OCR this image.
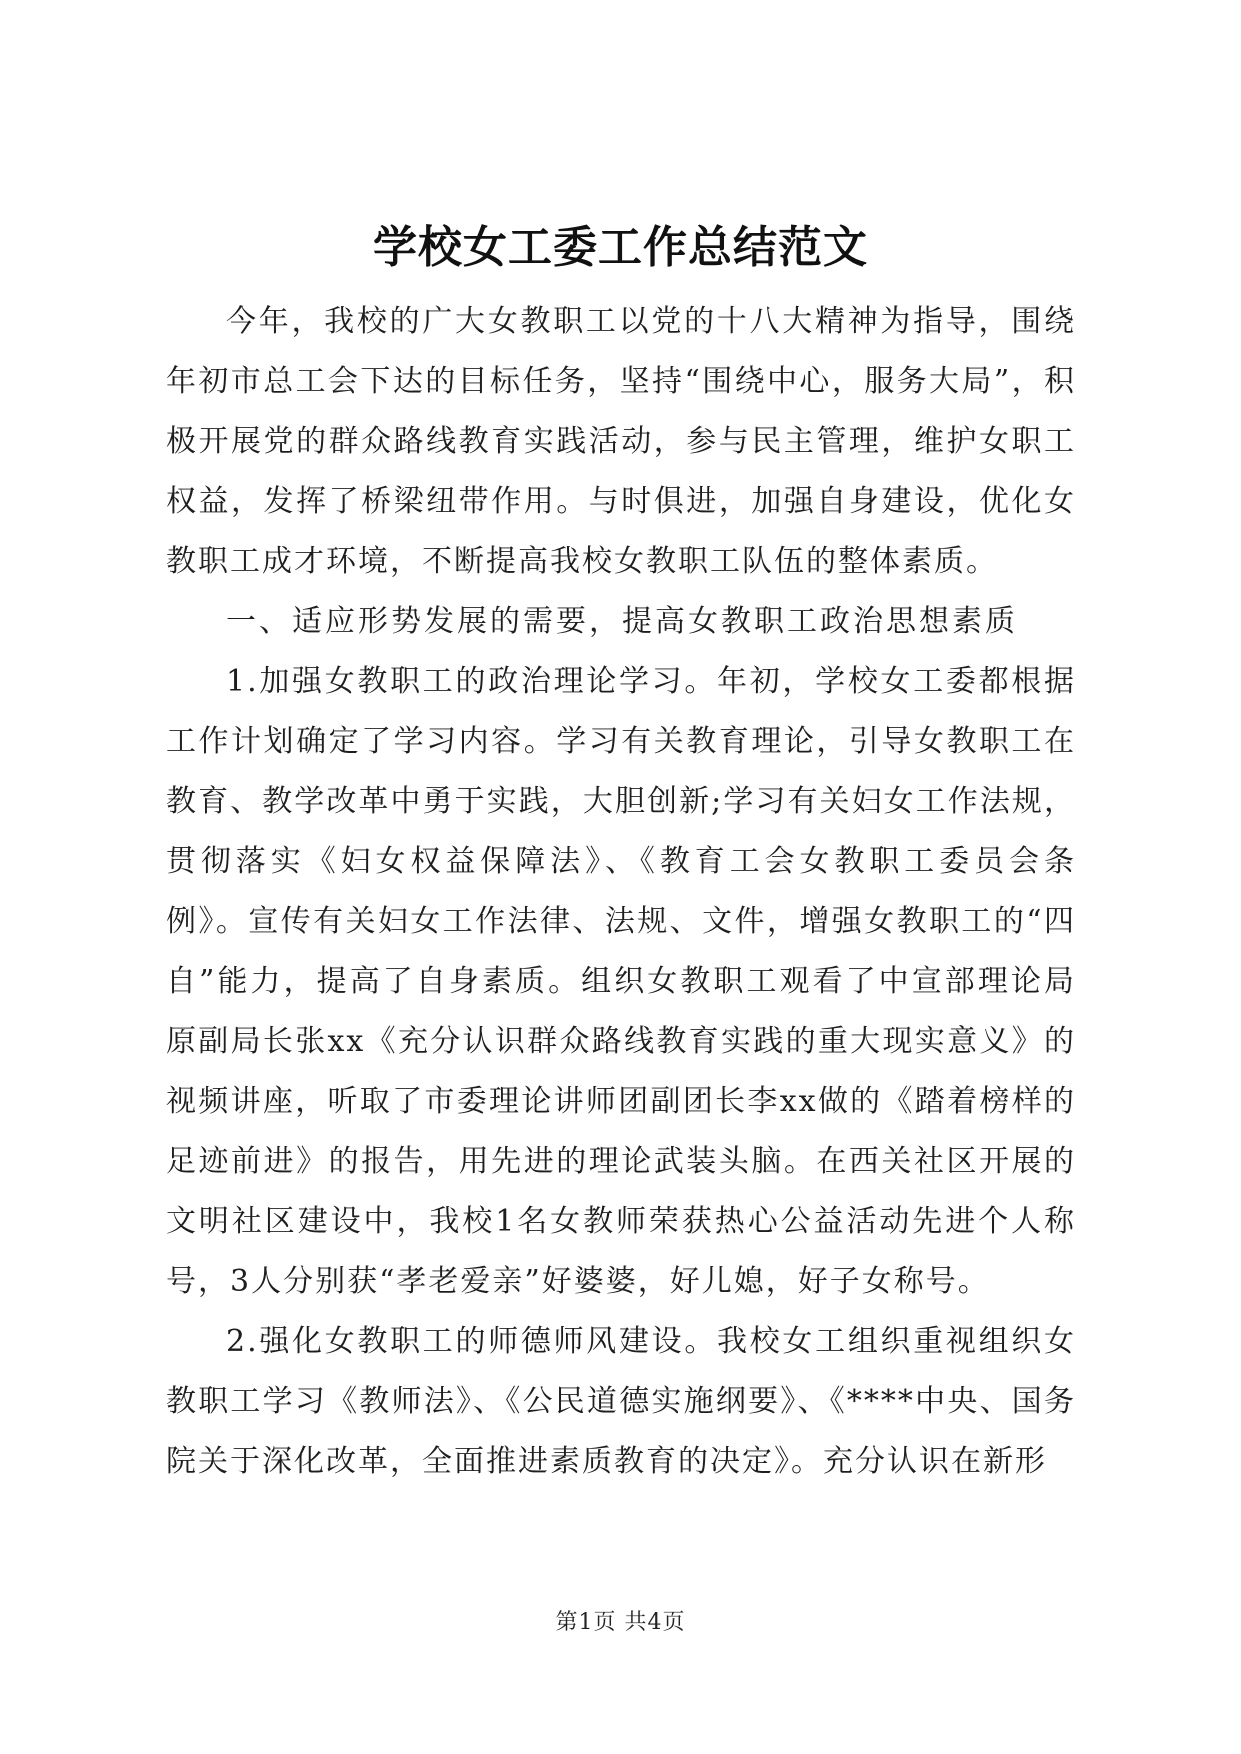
学校女工委工作总结范文

今年，我校的广大女教职工以党的十八大精神为指导，围绕年初市总工会下达的目标任务，坚持“围绕中心，服务大局”，积极开展党的群众路线教育实践活动，参与民主管理，维护女职工权益，发挥了桥梁纽带作用。与时俱进，加强自身建设，优化女教职工成才环境，不断提高我校女教职工队伍的整体素质。

一、适应形势发展的需要，提高女教职工政治思想素质

1.加强女教职工的政治理论学习。年初，学校女工委都根据工作计划确定了学习内容。学习有关教育理论，引导女教职工在教育、教学改革中勇于实践，大胆创新;学习有关妇女工作法规，贯彻落实《妇女权益保障法》、《教育工会女教职工委员会条例》。宣传有关妇女工作法律、法规、文件，增强女教职工的“四自”能力，提高了自身素质。组织女教职工观看了中宣部理论局原副局长张xx《充分认识群众路线教育实践的重大现实意义》的视频讲座，听取了市委理论讲师团副团长李xx做的《踏着榜样的足迹前进》的报告，用先进的理论武装头脑。在西关社区开展的文明社区建设中，我校1名女教师荣获热心公益活动先进个人称号，3人分别获“孝老爱亲”好婆婆，好儿媳，好子女称号。

2.强化女教职工的师德师风建设。我校女工组织重视组织女教职工学习《教师法》、《公民道德实施纲要》、《****中央、国务院关于深化改革，全面推进素质教育的决定》。充分认识在新形

第1页 共4页
